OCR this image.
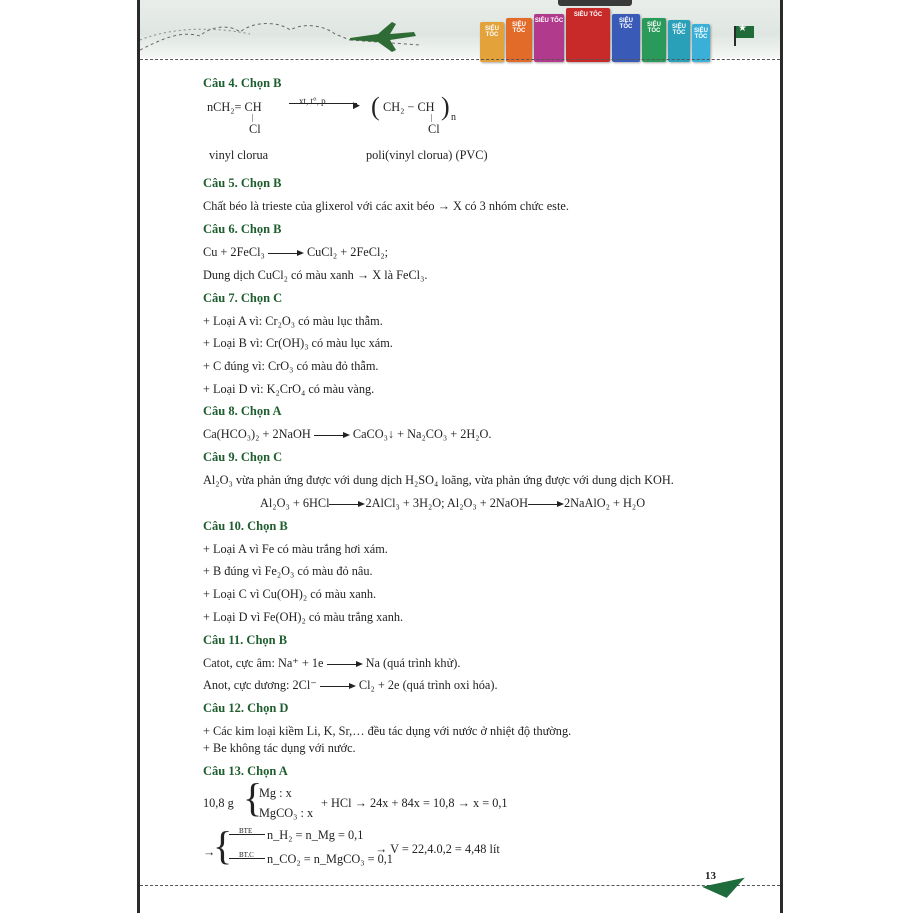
SIÊU TỐC
SIÊU TỐC
SIÊU TỐC
SIÊU TỐC
SIÊU TỐC	SIÊU TỐC
SIÊU TỐC	SIÊU TỐC
★
Câu 4. Chọn B
nCH₂= CH
|
Cl
xt, t°, p	▶ ( CH₂ − CH
|
Cl
) n
vinyl clorua	poli(vinyl clorua) (PVC)
Câu 5. Chọn B
Chất béo là trieste của glixerol với các axit béo → X có 3 nhóm chức este.
Câu 6. Chọn B
Cu + 2FeCl₃	CuCl₂ + 2FeCl₂;
Dung dịch CuCl₂ có màu xanh → X là FeCl₃.
Câu 7. Chọn C
+ Loại A vì: Cr₂O₃ có màu lục thẫm.
+ Loại B vì: Cr(OH)₃ có màu lục xám.
+ C đúng vì: CrO₃ có màu đỏ thẫm.
+ Loại D vì: K₂CrO₄ có màu vàng.
Câu 8. Chọn A
Ca(HCO₃)₂ + 2NaOH	CaCO₃↓ + Na₂CO₃ + 2H₂O.
Câu 9. Chọn C
Al₂O₃ vừa phản ứng được với dung dịch H₂SO₄ loãng, vừa phản ứng được với dung dịch KOH.
Al₂O₃ + 6HCl	2AlCl₃ + 3H₂O; Al₂O₃ + 2NaOH	2NaAlO₂ + H₂O
Câu 10. Chọn B
+ Loại A vì Fe có màu trắng hơi xám.
+ B đúng vì Fe₂O₃ có màu đỏ nâu.
+ Loại C vì Cu(OH)₂ có màu xanh.
+ Loại D vì Fe(OH)₂ có màu trắng xanh.
Câu 11. Chọn B
Catot, cực âm: Na⁺ + 1e	Na (quá trình khử).
Anot, cực dương: 2Cl⁻	Cl₂ + 2e (quá trình oxi hóa).
Câu 12. Chọn D
+ Các kim loại kiềm Li, K, Sr,… đều tác dụng với nước ở nhiệt độ thường.
+ Be không tác dụng với nước.
Câu 13. Chọn A
10,8 g {
Mg : x
MgCO₃ : x
+ HCl → 24x + 84x = 10,8 → x = 0,1
→
{ BTE n_H₂ = n_Mg = 0,1
BT.C n_CO₂ = n_MgCO₃ = 0,1
→ V = 22,4.0,2 = 4,48 lít
13
